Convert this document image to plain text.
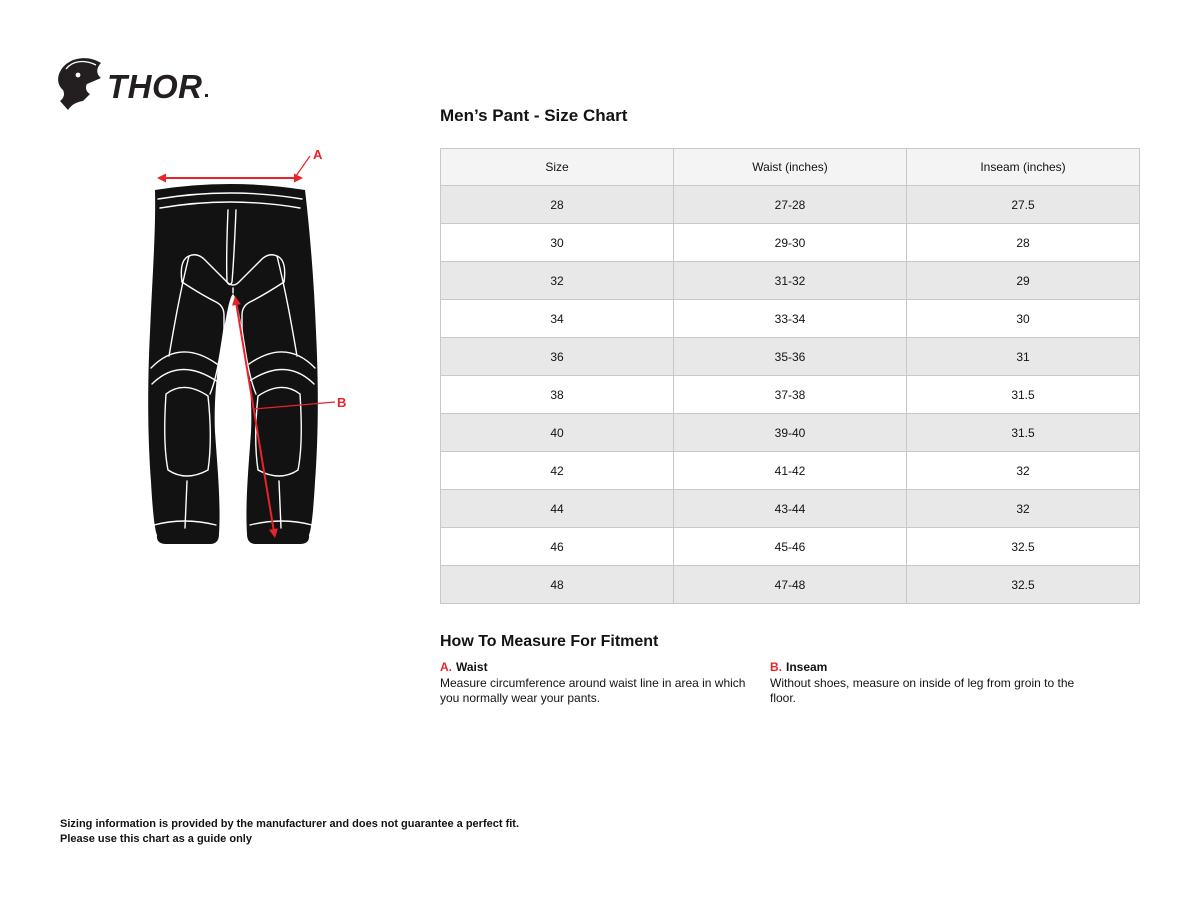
THOR
A
B
Men’s Pant - Size Chart
Size	Waist (inches)	Inseam (inches)
28	27-28	27.5
30	29-30	28
32	31-32	29
34	33-34	30
36	35-36	31
38	37-38	31.5
40	39-40	31.5
42	41-42	32
44	43-44	32
46	45-46	32.5
48	47-48	32.5
How To Measure For Fitment

A. Waist

Measure circumference around waist line in area in which you normally wear your pants.

B. Inseam

Without shoes, measure on inside of leg from groin to the floor.

Sizing information is provided by the manufacturer and does not guarantee a perfect fit.
Please use this chart as a guide only
